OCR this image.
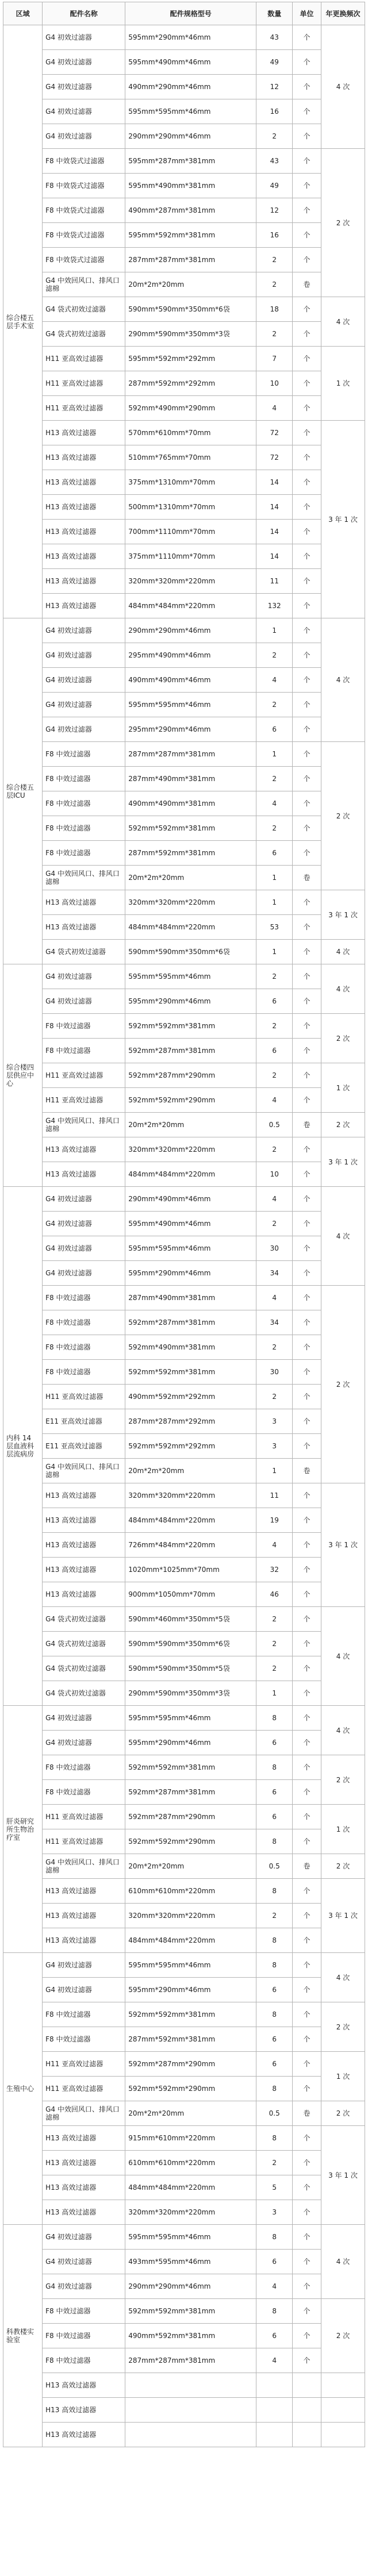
区域	配件名称	配件规格型号	数量	单位	年更换频次
综合楼五层手术室	G4 初效过滤器	595mm*290mm*46mm	43	个	4 次
	G4 初效过滤器	595mm*490mm*46mm	49	个	
	G4 初效过滤器	490mm*290mm*46mm	12	个	
	G4 初效过滤器	595mm*595mm*46mm	16	个	
	G4 初效过滤器	290mm*290mm*46mm	2	个	
	F8 中效袋式过滤器	595mm*287mm*381mm	43	个	2 次
	F8 中效袋式过滤器	595mm*490mm*381mm	49	个	
	F8 中效袋式过滤器	490mm*287mm*381mm	12	个	
	F8 中效袋式过滤器	595mm*592mm*381mm	16	个	
	F8 中效袋式过滤器	287mm*287mm*381mm	2	个	
	G4 中效回风口、排风口滤棉	20m*2m*20mm	2	卷	
	G4 袋式初效过滤器	590mm*590mm*350mm*6袋	18	个	4 次
	G4 袋式初效过滤器	290mm*590mm*350mm*3袋	2	个	
	H11 亚高效过滤器	595mm*592mm*292mm	7	个	1 次
	H11 亚高效过滤器	287mm*592mm*292mm	10	个	
	H11 亚高效过滤器	592mm*490mm*290mm	4	个	
	H13 高效过滤器	570mm*610mm*70mm	72	个	3 年 1 次
	H13 高效过滤器	510mm*765mm*70mm	72	个	
	H13 高效过滤器	375mm*1310mm*70mm	14	个	
	H13 高效过滤器	500mm*1310mm*70mm	14	个	
	H13 高效过滤器	700mm*1110mm*70mm	14	个	
	H13 高效过滤器	375mm*1110mm*70mm	14	个	
	H13 高效过滤器	320mm*320mm*220mm	11	个	
	H13 高效过滤器	484mm*484mm*220mm	132	个	
综合楼五层ICU	G4 初效过滤器	290mm*290mm*46mm	1	个	4 次
	G4 初效过滤器	295mm*490mm*46mm	2	个	
	G4 初效过滤器	490mm*490mm*46mm	4	个	
	G4 初效过滤器	595mm*595mm*46mm	2	个	
	G4 初效过滤器	295mm*290mm*46mm	6	个	
	F8 中效过滤器	287mm*287mm*381mm	1	个	2 次
	F8 中效过滤器	287mm*490mm*381mm	2	个	
	F8 中效过滤器	490mm*490mm*381mm	4	个	
	F8 中效过滤器	592mm*592mm*381mm	2	个	
	F8 中效过滤器	287mm*592mm*381mm	6	个	
	G4 中效回风口、排风口滤棉	20m*2m*20mm	1	卷	
	H13 高效过滤器	320mm*320mm*220mm	1	个	3 年 1 次
	H13 高效过滤器	484mm*484mm*220mm	53	个	
	G4 袋式初效过滤器	590mm*590mm*350mm*6袋	1	个	4 次
综合楼四层供应中心	G4 初效过滤器	595mm*595mm*46mm	2	个	4 次
	G4 初效过滤器	595mm*290mm*46mm	6	个	
	F8 中效过滤器	592mm*592mm*381mm	2	个	2 次
	F8 中效过滤器	592mm*287mm*381mm	6	个	
	H11 亚高效过滤器	592mm*287mm*290mm	2	个	1 次
	H11 亚高效过滤器	592mm*592mm*290mm	4	个	
	G4 中效回风口、排风口滤棉	20m*2m*20mm	0.5	卷	2 次
	H13 高效过滤器	320mm*320mm*220mm	2	个	3 年 1 次
	H13 高效过滤器	484mm*484mm*220mm	10	个	
内科 14 层血液科层流病房	G4 初效过滤器	290mm*490mm*46mm	4	个	4 次
	G4 初效过滤器	595mm*490mm*46mm	2	个	
	G4 初效过滤器	595mm*595mm*46mm	30	个	
	G4 初效过滤器	595mm*290mm*46mm	34	个	
	F8 中效过滤器	287mm*490mm*381mm	4	个	2 次
	F8 中效过滤器	592mm*287mm*381mm	34	个	
	F8 中效过滤器	592mm*490mm*381mm	2	个	
	F8 中效过滤器	592mm*592mm*381mm	30	个	
	H11 亚高效过滤器	490mm*592mm*292mm	2	个	
	E11 亚高效过滤器	287mm*287mm*292mm	3	个	
	E11 亚高效过滤器	592mm*592mm*292mm	3	个	
	G4 中效回风口、排风口滤棉	20m*2m*20mm	1	卷	
	H13 高效过滤器	320mm*320mm*220mm	11	个	3 年 1 次
	H13 高效过滤器	484mm*484mm*220mm	19	个	
	H13 高效过滤器	726mm*484mm*220mm	4	个	
	H13 高效过滤器	1020mm*1025mm*70mm	32	个	
	H13 高效过滤器	900mm*1050mm*70mm	46	个	
	G4 袋式初效过滤器	590mm*460mm*350mm*5袋	2	个	4 次
	G4 袋式初效过滤器	590mm*590mm*350mm*6袋	2	个	
	G4 袋式初效过滤器	590mm*590mm*350mm*5袋	2	个	
	G4 袋式初效过滤器	290mm*590mm*350mm*3袋	1	个	
肝炎研究所生物治疗室	G4 初效过滤器	595mm*595mm*46mm	8	个	4 次
	G4 初效过滤器	595mm*290mm*46mm	6	个	
	F8 中效过滤器	592mm*592mm*381mm	8	个	2 次
	F8 中效过滤器	592mm*287mm*381mm	6	个	
	H11 亚高效过滤器	592mm*287mm*290mm	6	个	1 次
	H11 亚高效过滤器	592mm*592mm*290mm	8	个	
	G4 中效回风口、排风口滤棉	20m*2m*20mm	0.5	卷	2 次
	H13 高效过滤器	610mm*610mm*220mm	8	个	3 年 1 次
	H13 高效过滤器	320mm*320mm*220mm	2	个	
	H13 高效过滤器	484mm*484mm*220mm	8	个	
生殖中心	G4 初效过滤器	595mm*595mm*46mm	8	个	4 次
	G4 初效过滤器	595mm*290mm*46mm	6	个	
	F8 中效过滤器	592mm*592mm*381mm	8	个	2 次
	F8 中效过滤器	287mm*592mm*381mm	6	个	
	H11 亚高效过滤器	592mm*287mm*290mm	6	个	1 次
	H11 亚高效过滤器	592mm*592mm*290mm	8	个	
	G4 中效回风口、排风口滤棉	20m*2m*20mm	0.5	卷	2 次
	H13 高效过滤器	915mm*610mm*220mm	8	个	3 年 1 次
	H13 高效过滤器	610mm*610mm*220mm	2	个	
	H13 高效过滤器	484mm*484mm*220mm	5	个	
	H13 高效过滤器	320mm*320mm*220mm	3	个	
科教楼实验室	G4 初效过滤器	595mm*595mm*46mm	8	个	4 次
	G4 初效过滤器	493mm*595mm*46mm	6	个	
	G4 初效过滤器	290mm*290mm*46mm	4	个	
	F8 中效过滤器	592mm*592mm*381mm	8	个	2 次
	F8 中效过滤器	490mm*592mm*381mm	6	个	
	F8 中效过滤器	287mm*287mm*381mm	4	个	
	H13 高效过滤器				
	H13 高效过滤器				
	H13 高效过滤器				
